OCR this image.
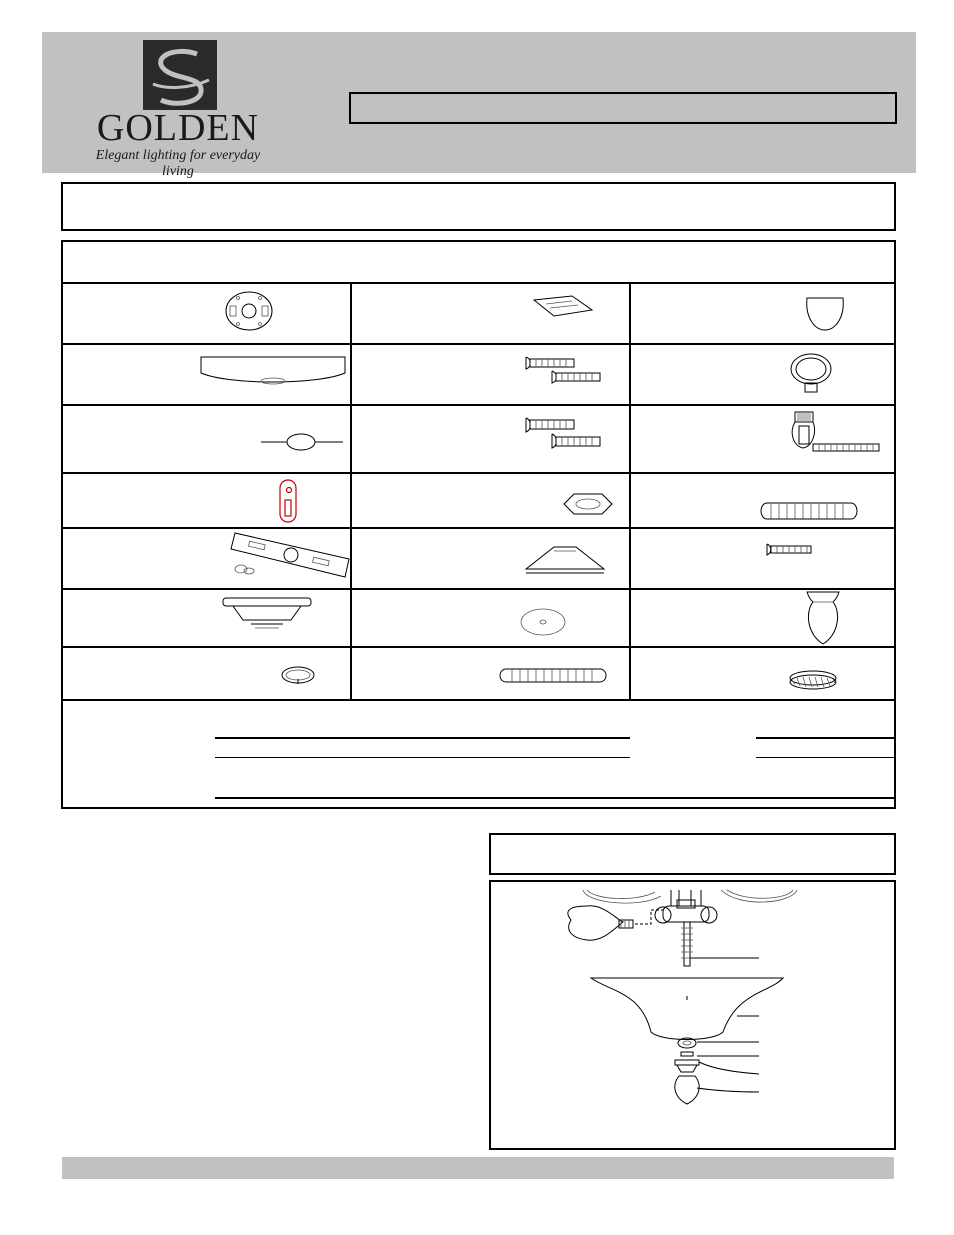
GOLDEN
Elegant lighting for everyday living
